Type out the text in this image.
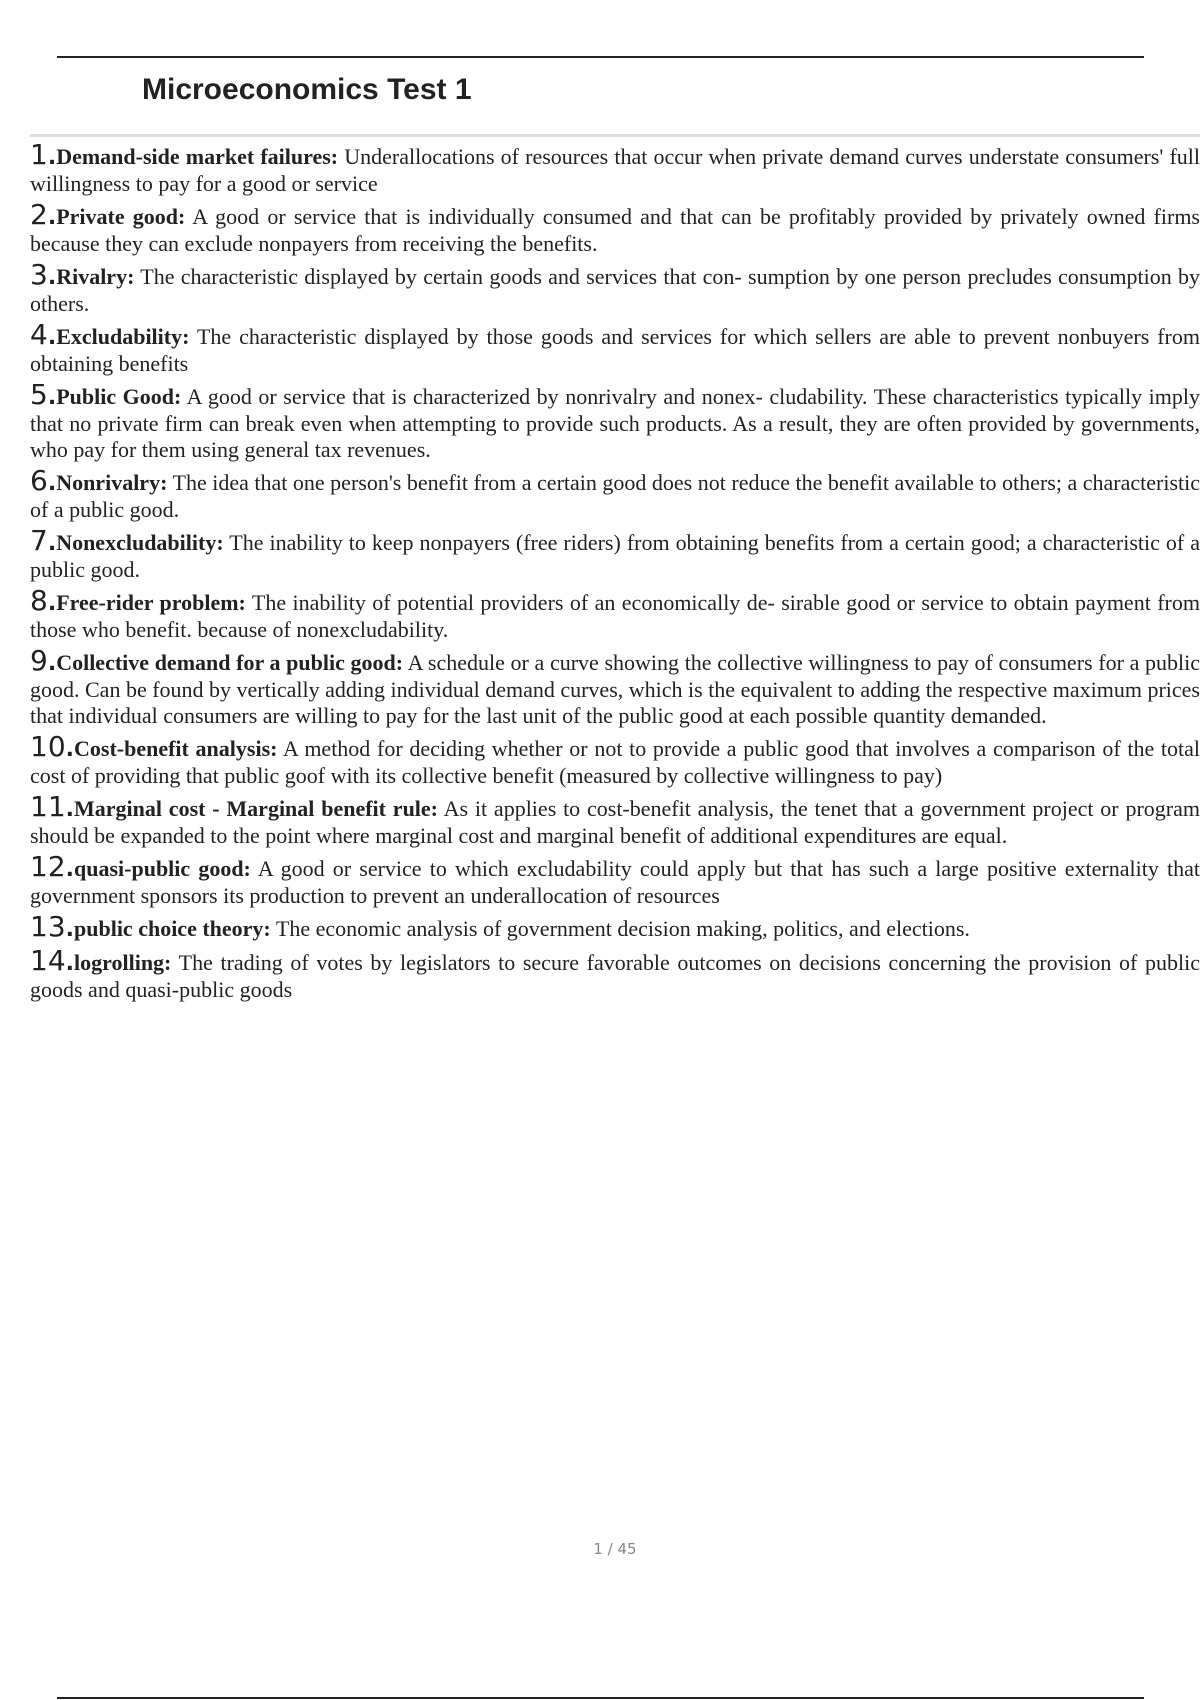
Microeconomics Test 1
1.Demand-side market failures: Underallocations of resources that occur when private demand curves understate consumers' full willingness to pay for a good or service
2.Private good: A good or service that is individually consumed and that can be profitably provided by privately owned firms because they can exclude nonpayers from receiving the benefits.
3.Rivalry: The characteristic displayed by certain goods and services that con- sumption by one person precludes consumption by others.
4.Excludability: The characteristic displayed by those goods and services for which sellers are able to prevent nonbuyers from obtaining benefits
5.Public Good: A good or service that is characterized by nonrivalry and nonex- cludability. These characteristics typically imply that no private firm can break even when attempting to provide such products. As a result, they are often provided by governments, who pay for them using general tax revenues.
6.Nonrivalry: The idea that one person's benefit from a certain good does not reduce the benefit available to others; a characteristic of a public good.
7.Nonexcludability: The inability to keep nonpayers (free riders) from obtaining benefits from a certain good; a characteristic of a public good.
8.Free-rider problem: The inability of potential providers of an economically de- sirable good or service to obtain payment from those who benefit. because of nonexcludability.
9.Collective demand for a public good: A schedule or a curve showing the collective willingness to pay of consumers for a public good. Can be found by vertically adding individual demand curves, which is the equivalent to adding the respective maximum prices that individual consumers are willing to pay for the last unit of the public good at each possible quantity demanded.
10.Cost-benefit analysis: A method for deciding whether or not to provide a public good that involves a comparison of the total cost of providing that public goof with its collective benefit (measured by collective willingness to pay)
11.Marginal cost - Marginal benefit rule: As it applies to cost-benefit analysis, the tenet that a government project or program should be expanded to the point where marginal cost and marginal benefit of additional expenditures are equal.
12.quasi-public good: A good or service to which excludability could apply but that has such a large positive externality that government sponsors its production to prevent an underallocation of resources
13.public choice theory: The economic analysis of government decision making, politics, and elections.
14.logrolling: The trading of votes by legislators to secure favorable outcomes on decisions concerning the provision of public goods and quasi-public goods
1 / 45
